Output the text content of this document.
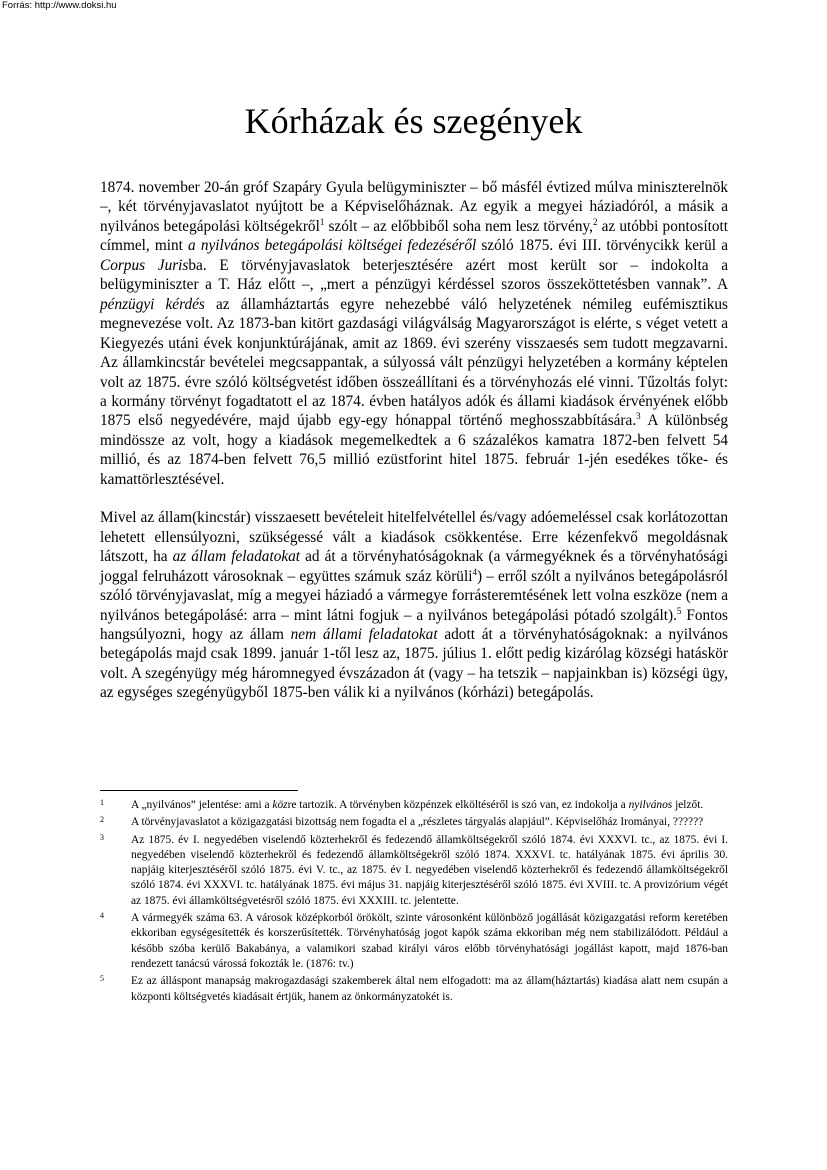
Forrás: http://www.doksi.hu
Kórházak és szegények

1874. november 20-án gróf Szapáry Gyula belügyminiszter – bő másfél évtized múlva miniszterelnök –, két törvényjavaslatot nyújtott be a Képviselőháznak. Az egyik a megyei háziadóról, a másik a nyilvános betegápolási költségekről$^1$ szólt – az előbbiből soha nem lesz törvény,$^2$ az utóbbi pontosított címmel, mint a nyilvános betegápolási költségei fedezéséről szóló 1875. évi III. törvénycikk kerül a Corpus Jurisba. E törvényjavaslatok beterjesztésére azért most került sor – indokolta a belügyminiszter a T. Ház előtt –, „mert a pénzügyi kérdéssel szoros összeköttetésben vannak”. A pénzügyi kérdés az államháztartás egyre nehezebbé váló helyzetének némileg eufémisztikus megnevezése volt. Az 1873-ban kitört gazdasági világválság Magyarországot is elérte, s véget vetett a Kiegyezés utáni évek konjunktúrájának, amit az 1869. évi szerény visszaesés sem tudott megzavarni. Az államkincstár bevételei megcsappantak, a súlyossá vált pénzügyi helyzetében a kormány képtelen volt az 1875. évre szóló költségvetést időben összeállítani és a törvényhozás elé vinni. Tűzoltás folyt: a kormány törvényt fogadtatott el az 1874. évben hatályos adók és állami kiadások érvényének előbb 1875 első negyedévére, majd újabb egy-egy hónappal történő meghosszabbítására.$^3$ A különbség mindössze az volt, hogy a kiadások megemelkedtek a 6 százalékos kamatra 1872-ben felvett 54 millió, és az 1874-ben felvett 76,5 millió ezüstforint hitel 1875. február 1-jén esedékes tőke- és kamattörlesztésével.

Mivel az állam(kincstár) visszaesett bevételeit hitelfelvétellel és/vagy adóemeléssel csak korlátozottan lehetett ellensúlyozni, szükségessé vált a kiadások csökkentése. Erre kézenfekvő megoldásnak látszott, ha az állam feladatokat ad át a törvényhatóságoknak (a vármegyéknek és a törvényhatósági joggal felruházott városoknak – együttes számuk száz körüli$^4$) – erről szólt a nyilvános betegápolásról szóló törvényjavaslat, míg a megyei háziadó a vármegye forrásteremtésének lett volna eszköze (nem a nyilvános betegápolásé: arra – mint látni fogjuk – a nyilvános betegápolási pótadó szolgált).$^5$ Fontos hangsúlyozni, hogy az állam nem állami feladatokat adott át a törvényhatóságoknak: a nyilvános betegápolás majd csak 1899. január 1-től lesz az, 1875. július 1. előtt pedig kizárólag községi hatáskör volt. A szegényügy még háromnegyed évszázadon át (vagy – ha tetszik – napjainkban is) községi ügy, az egységes szegényügyből 1875-ben válik ki a nyilvános (kórházi) betegápolás.

1 A „nyilvános” jelentése: ami a közre tartozik. A törvényben közpénzek elköltéséről is szó van, ez indokolja a nyilvános jelzőt.
2 A törvényjavaslatot a közigazgatási bizottság nem fogadta el a „részletes tárgyalás alapjául”. Képviselőház Irományai, ??????
3 Az 1875. év I. negyedében viselendő közterhekről és fedezendő államköltségekről szóló 1874. évi XXXVI. tc., az 1875. évi I. negyedében viselendő közterhekről és fedezendő államköltségekről szóló 1874. XXXVI. tc. hatályának 1875. évi április 30. napjáig kiterjesztéséről szóló 1875. évi V. tc., az 1875. év I. negyedében viselendő közterhekről és fedezendő államköltségekről szóló 1874. évi XXXVI. tc. hatályának 1875. évi május 31. napjáig kiterjesztéséről szóló 1875. évi XVIII. tc. A provizórium végét az 1875. évi államköltségvetésről szóló 1875. évi XXXIII. tc. jelentette.
4 A vármegyék száma 63. A városok középkorból örökölt, szinte városonként különböző jogállását közigazgatási reform keretében ekkoriban egységesítették és korszerűsítették. Törvényhatóság jogot kapók száma ekkoriban még nem stabilizálódott. Például a később szóba kerülő Bakabánya, a valamikori szabad királyi város előbb törvényhatósági jogállást kapott, majd 1876-ban rendezett tanácsú várossá fokozták le. (1876: tv.)
5 Ez az álláspont manapság makrogazdasági szakemberek által nem elfogadott: ma az állam(háztartás) kiadása alatt nem csupán a központi költségvetés kiadásait értjük, hanem az önkormányzatokét is.
